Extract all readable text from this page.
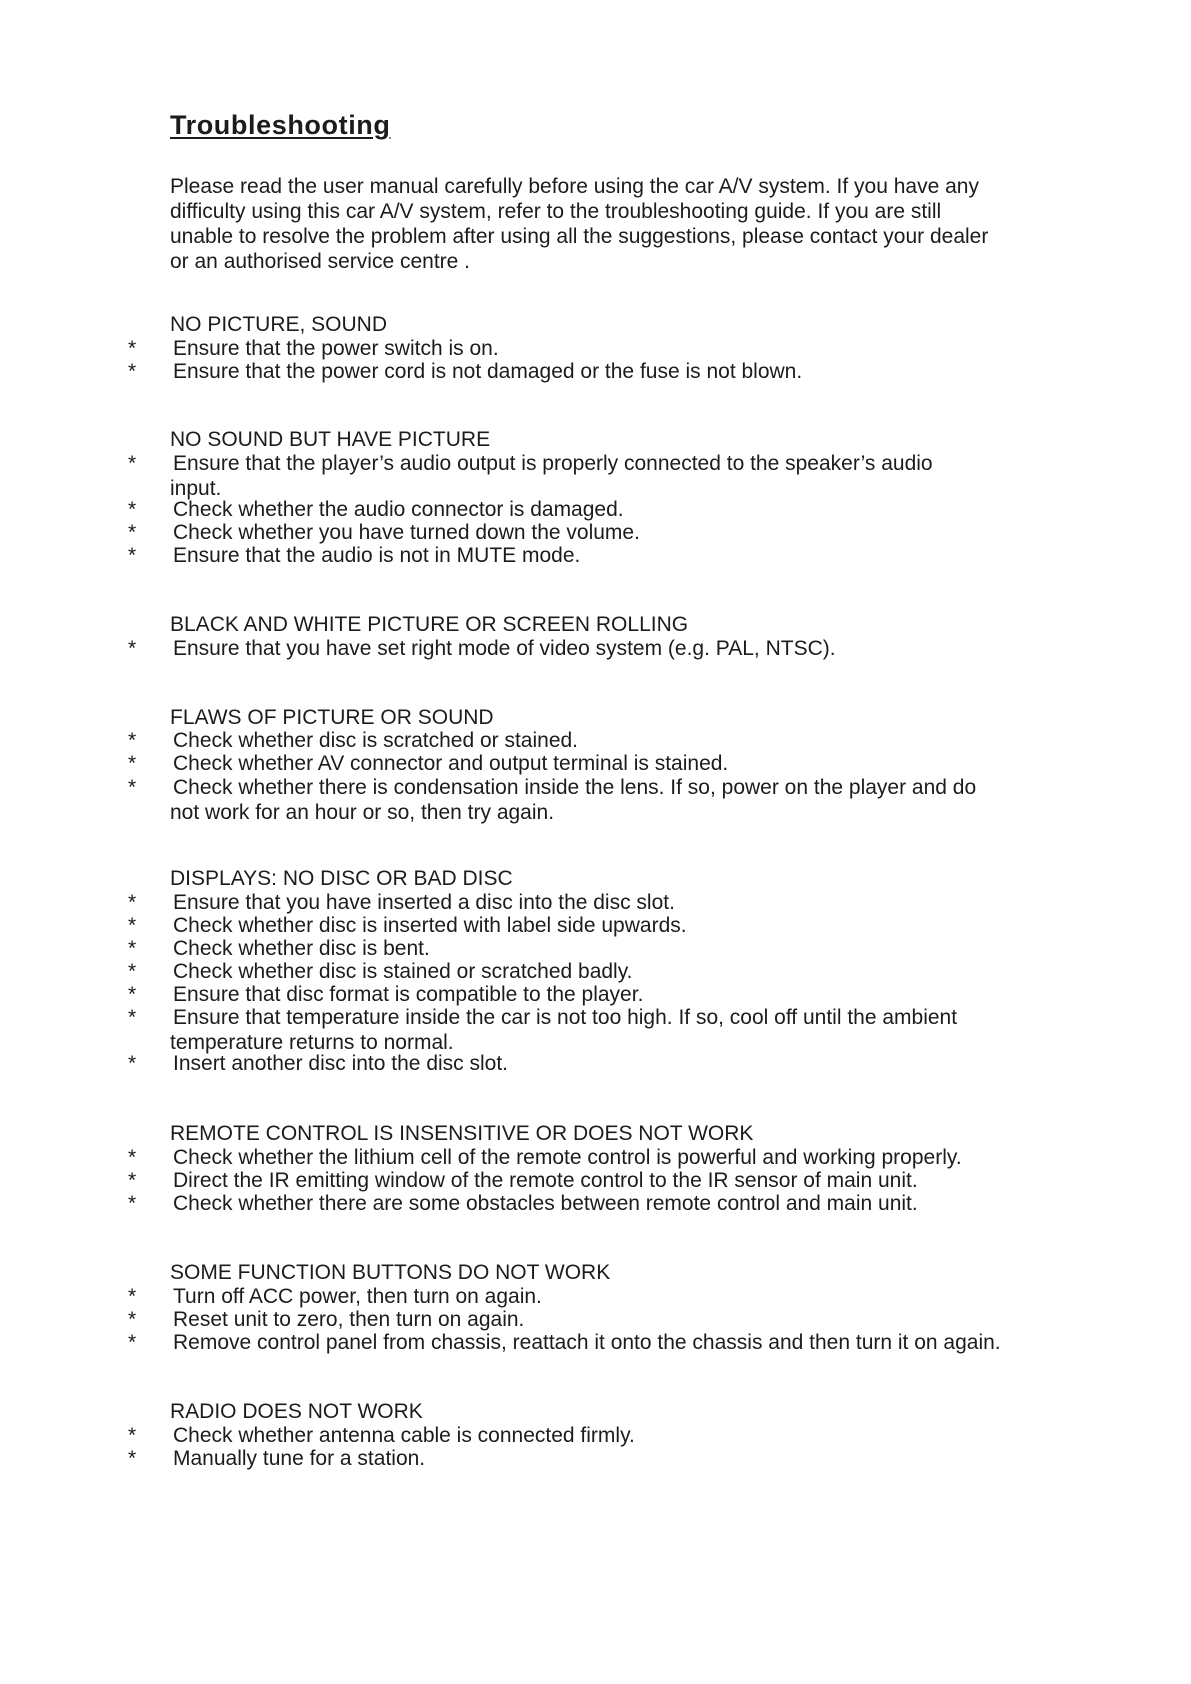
Troubleshooting
Please read the user manual carefully before using the car A/V system. If you have any
difficulty using this car A/V system, refer to the troubleshooting guide. If you are still
unable to resolve the problem after using all the suggestions, please contact your dealer
or an authorised service centre .
NO PICTURE, SOUND
* Ensure that the power switch is on.
* Ensure that the power cord is not damaged or the fuse is not blown.
NO SOUND BUT HAVE PICTURE
* Ensure that the player’s audio output is properly connected to the speaker’s audio
input.
* Check whether the audio connector is damaged.
* Check whether you have turned down the volume.
* Ensure that the audio is not in MUTE mode.
BLACK AND WHITE PICTURE OR SCREEN ROLLING
* Ensure that you have set right mode of video system (e.g. PAL, NTSC).
FLAWS OF PICTURE OR SOUND
* Check whether disc is scratched or stained.
* Check whether AV connector and output terminal is stained.
* Check whether there is condensation inside the lens. If so, power on the player and do
not work for an hour or so, then try again.
DISPLAYS: NO DISC OR BAD DISC
* Ensure that you have inserted a disc into the disc slot.
* Check whether disc is inserted with label side upwards.
* Check whether disc is bent.
* Check whether disc is stained or scratched badly.
* Ensure that disc format is compatible to the player.
* Ensure that temperature inside the car is not too high. If so, cool off until the ambient
temperature returns to normal.
* Insert another disc into the disc slot.
REMOTE CONTROL IS INSENSITIVE OR DOES NOT WORK
* Check whether the lithium cell of the remote control is powerful and working properly.
* Direct the IR emitting window of the remote control to the IR sensor of main unit.
* Check whether there are some obstacles between remote control and main unit.
SOME FUNCTION BUTTONS DO NOT WORK
* Turn off ACC power, then turn on again.
* Reset unit to zero, then turn on again.
* Remove control panel from chassis, reattach it onto the chassis and then turn it on again.
RADIO DOES NOT WORK
* Check whether antenna cable is connected firmly.
* Manually tune for a station.
